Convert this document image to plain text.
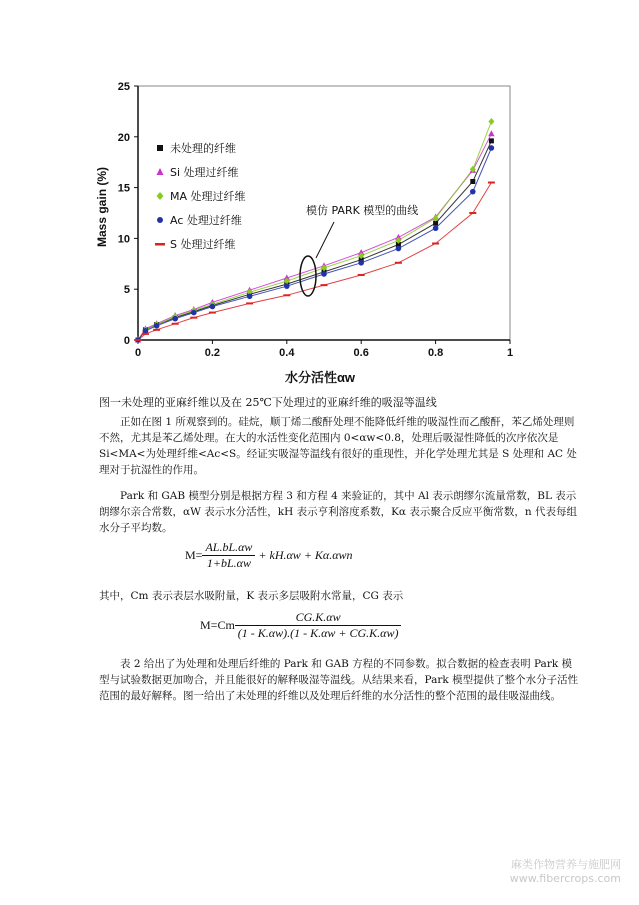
0	0.2	0.4	0.6	0.8	1
0
5
10
15
20
25
未处理的纤维
Si 处理过纤维
MA 处理过纤维
Ac 处理过纤维
S 处理过纤维
Mass gain (%)
水分活性αw
模仿 PARK 模型的曲线
图一未处理的亚麻纤维以及在 25℃下处理过的亚麻纤维的吸湿等温线

正如在图 1 所观察到的。硅烷，顺丁烯二酸酐处理不能降低纤维的吸湿性而乙酸酐，苯乙烯处理则不然，尤其是苯乙烯处理。在大的水活性变化范围内 0<αw<0.8，处理后吸湿性降低的次序依次是 Si<MA<为处理纤维<Ac<S。经证实吸湿等温线有很好的重现性，并化学处理尤其是 S 处理和 AC 处理对于抗湿性的作用。

Park 和 GAB 模型分别是根据方程 3 和方程 4 来验证的，其中 Al 表示朗缪尔流量常数，BL 表示朗缪尔亲合常数，αW 表示水分活性，kH 表示亨利溶度系数，Kα 表示聚合反应平衡常数，n 代表每组水分子平均数。

$M= \frac{AL.bL.\alpha w}{1+bL.\alpha w} + kH.\alpha w + K\alpha.\alpha wn$
其中，Cm 表示表层水吸附量，K 表示多层吸附水常量，CG 表示
$M=Cm \frac{CG.K.\alpha w}{(1 - K.\alpha w).(1 - K.\alpha w + CG.K.\alpha w)}$

表 2 给出了为处理和处理后纤维的 Park 和 GAB 方程的不同参数。拟合数据的检查表明 Park 模型与试验数据更加吻合，并且能很好的解释吸湿等温线。从结果来看，Park 模型提供了整个水分子活性范围的最好解释。图一给出了未处理的纤维以及处理后纤维的水分活性的整个范围的最佳吸湿曲线。

麻类作物营养与施肥网
www.fibercrops.com
